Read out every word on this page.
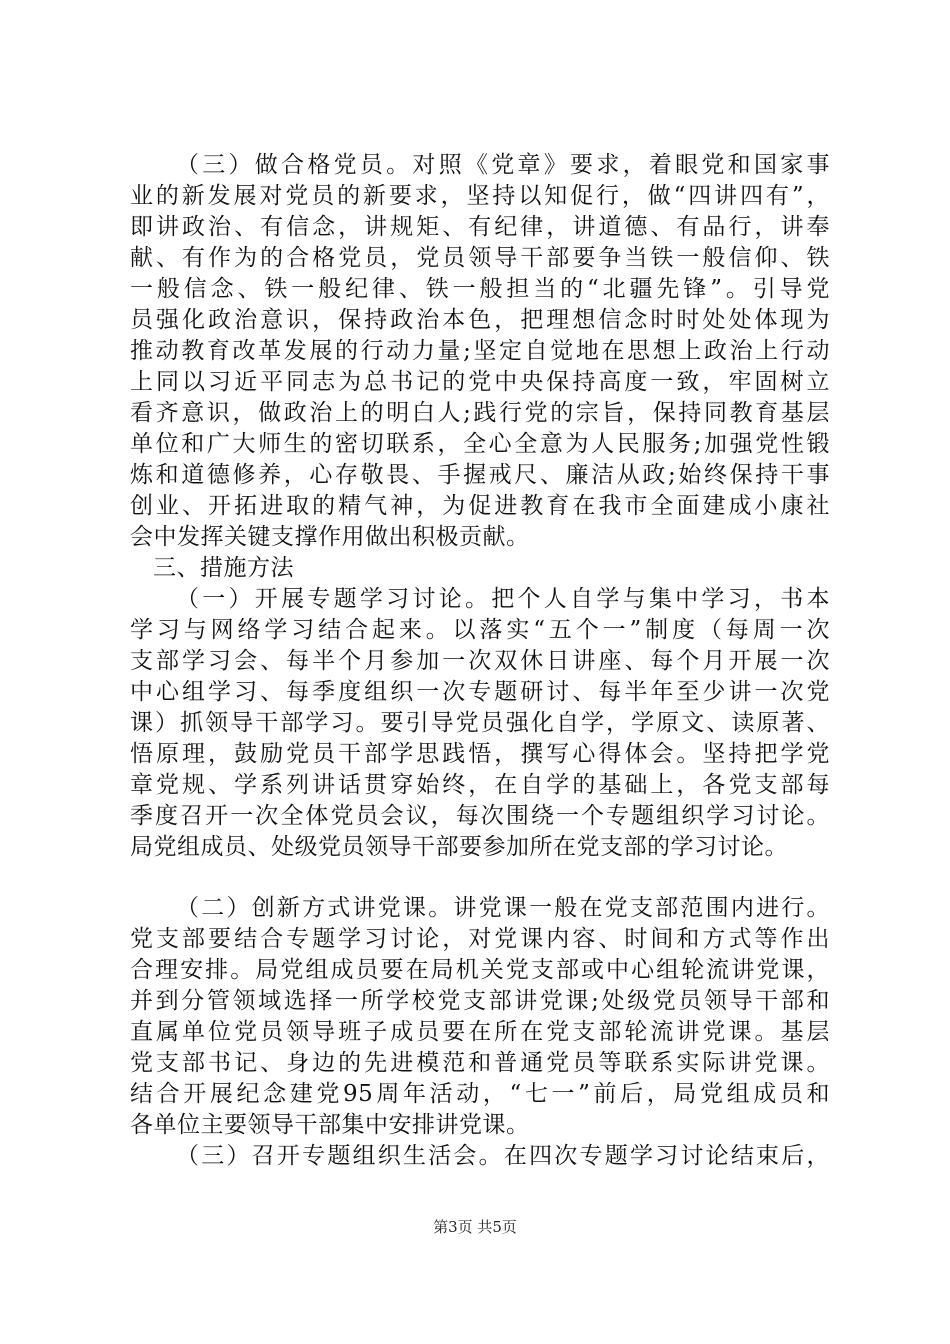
（三）做合格党员。对照《党章》要求，着眼党和国家事
业的新发展对党员的新要求，坚持以知促行，做“四讲四有”，
即讲政治、有信念，讲规矩、有纪律，讲道德、有品行，讲奉
献、有作为的合格党员，党员领导干部要争当铁一般信仰、铁
一般信念、铁一般纪律、铁一般担当的“北疆先锋”。引导党
员强化政治意识，保持政治本色，把理想信念时时处处体现为
推动教育改革发展的行动力量;坚定自觉地在思想上政治上行动
上同以习近平同志为总书记的党中央保持高度一致，牢固树立
看齐意识，做政治上的明白人;践行党的宗旨，保持同教育基层
单位和广大师生的密切联系，全心全意为人民服务;加强党性锻
炼和道德修养，心存敬畏、手握戒尺、廉洁从政;始终保持干事
创业、开拓进取的精气神，为促进教育在我市全面建成小康社
会中发挥关键支撑作用做出积极贡献。
三、措施方法
（一）开展专题学习讨论。把个人自学与集中学习，书本
学习与网络学习结合起来。以落实“五个一”制度（每周一次
支部学习会、每半个月参加一次双休日讲座、每个月开展一次
中心组学习、每季度组织一次专题研讨、每半年至少讲一次党
课）抓领导干部学习。要引导党员强化自学，学原文、读原著、
悟原理，鼓励党员干部学思践悟，撰写心得体会。坚持把学党
章党规、学系列讲话贯穿始终，在自学的基础上，各党支部每
季度召开一次全体党员会议，每次围绕一个专题组织学习讨论。
局党组成员、处级党员领导干部要参加所在党支部的学习讨论。
（二）创新方式讲党课。讲党课一般在党支部范围内进行。
党支部要结合专题学习讨论，对党课内容、时间和方式等作出
合理安排。局党组成员要在局机关党支部或中心组轮流讲党课，
并到分管领域选择一所学校党支部讲党课;处级党员领导干部和
直属单位党员领导班子成员要在所在党支部轮流讲党课。基层
党支部书记、身边的先进模范和普通党员等联系实际讲党课。
结合开展纪念建党95周年活动，“七一”前后，局党组成员和
各单位主要领导干部集中安排讲党课。
（三）召开专题组织生活会。在四次专题学习讨论结束后，
第3页 共5页
